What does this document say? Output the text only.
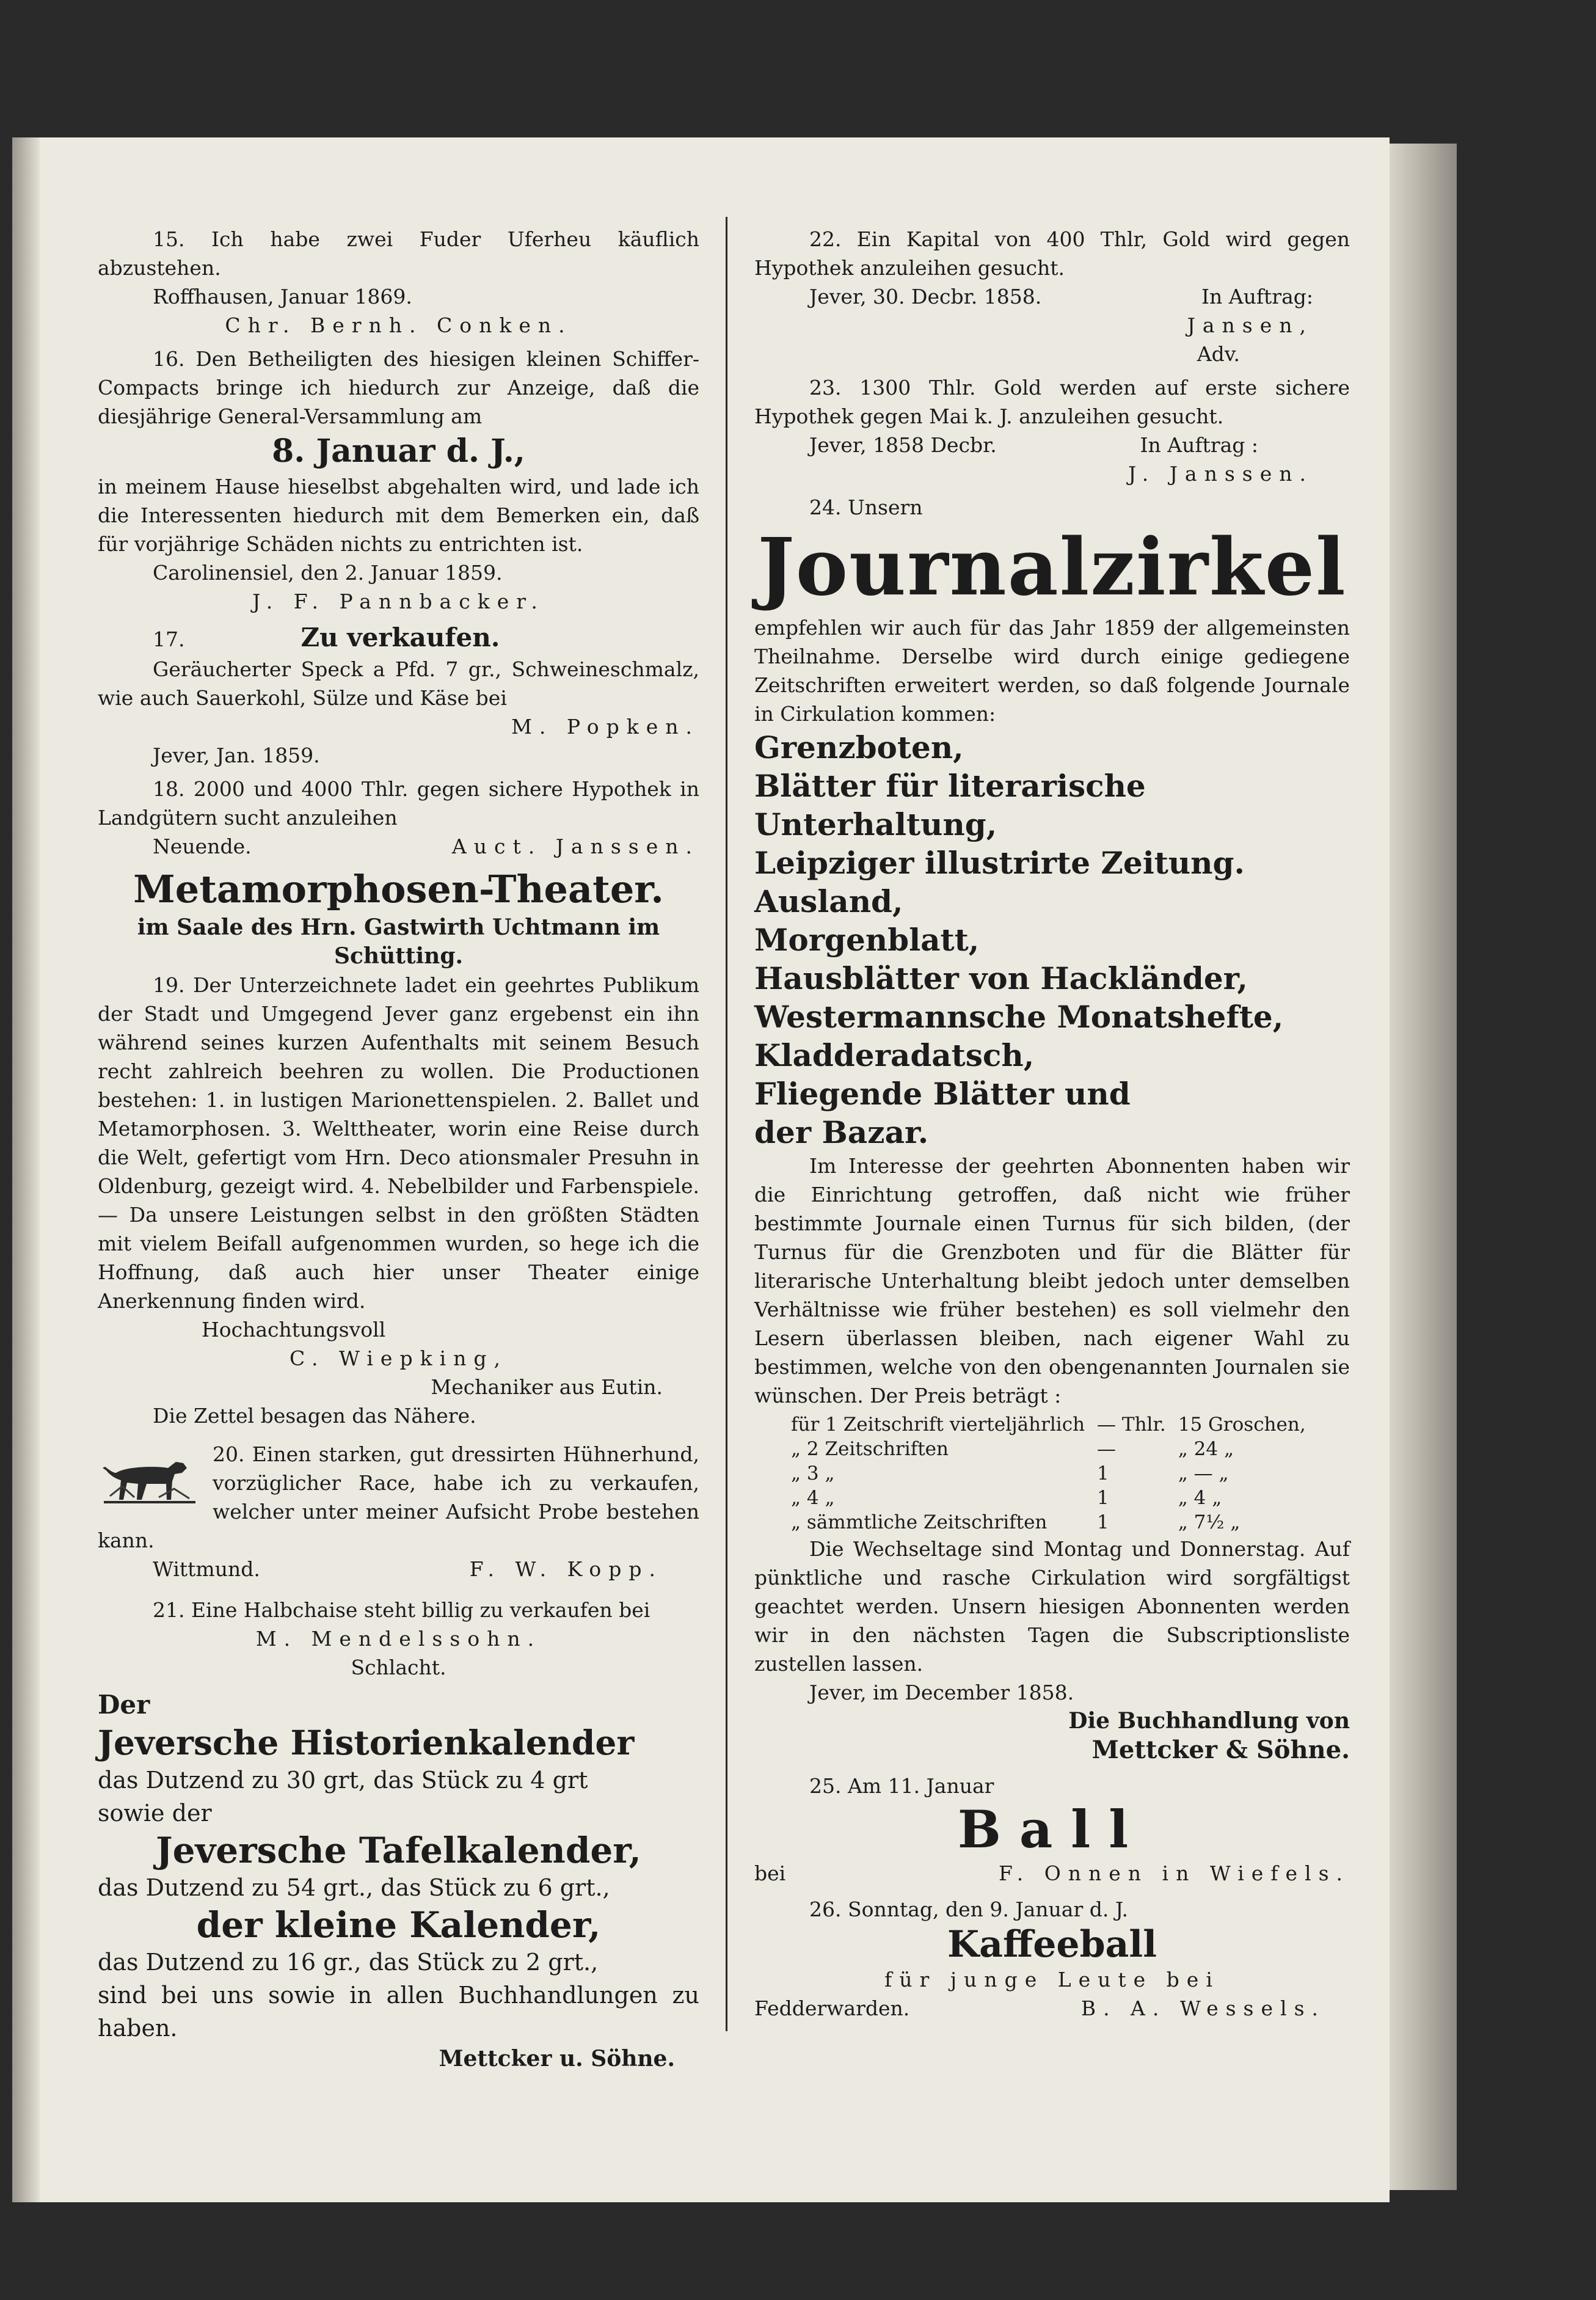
15. Ich habe zwei Fuder Uferheu käuflich abzustehen.

Roffhausen, Januar 1869.

Chr. Bernh. Conken.

16. Den Betheiligten des hiesigen kleinen Schiffer-Compacts bringe ich hiedurch zur Anzeige, daß die diesjährige General-Versammlung am

8. Januar d. J.,

in meinem Hause hieselbst abgehalten wird, und lade ich die Interessenten hiedurch mit dem Bemerken ein, daß für vorjährige Schäden nichts zu entrichten ist.

Carolinensiel, den 2. Januar 1859.

J. F. Pannbacker.

17.	Zu verkaufen.

Geräucherter Speck a Pfd. 7 gr., Schweineschmalz, wie auch Sauerkohl, Sülze und Käse bei

M. Popken.

Jever, Jan. 1859.

18. 2000 und 4000 Thlr. gegen sichere Hypothek in Landgütern sucht anzuleihen

Neuende.	Auct. Janssen.

Metamorphosen-Theater.

im Saale des Hrn. Gastwirth Uchtmann im Schütting.

19. Der Unterzeichnete ladet ein geehrtes Publikum der Stadt und Umgegend Jever ganz ergebenst ein ihn während seines kurzen Aufenthalts mit seinem Besuch recht zahlreich beehren zu wollen. Die Productionen bestehen: 1. in lustigen Marionettenspielen. 2. Ballet und Metamorphosen. 3. Welttheater, worin eine Reise durch die Welt, gefertigt vom Hrn. Deco ationsmaler Presuhn in Oldenburg, gezeigt wird. 4. Nebelbilder und Farbenspiele. — Da unsere Leistungen selbst in den größten Städten mit vielem Beifall aufgenommen wurden, so hege ich die Hoffnung, daß auch hier unser Theater einige Anerkennung finden wird.

Hochachtungsvoll

C. Wiepking,

Mechaniker aus Eutin.

Die Zettel besagen das Nähere.

20. Einen starken, gut dressirten Hühnerhund, vorzüglicher Race, habe ich zu verkaufen, welcher unter meiner Aufsicht Probe bestehen kann.

Wittmund.	F. W. Kopp.

21. Eine Halbchaise steht billig zu verkaufen bei

M. Mendelssohn.

Schlacht.

Der

Jeversche Historienkalender

das Dutzend zu 30 grt, das Stück zu 4 grt

sowie der

Jeversche Tafelkalender,

das Dutzend zu 54 grt., das Stück zu 6 grt.,

der kleine Kalender,

das Dutzend zu 16 gr., das Stück zu 2 grt.,

sind bei uns sowie in allen Buchhandlungen zu haben.

Mettcker u. Söhne.

22. Ein Kapital von 400 Thlr, Gold wird gegen Hypothek anzuleihen gesucht.

Jever, 30. Decbr. 1858.	In Auftrag:

Jansen,

Adv.

23. 1300 Thlr. Gold werden auf erste sichere Hypothek gegen Mai k. J. anzuleihen gesucht.

Jever, 1858 Decbr.	In Auftrag :

J. Janssen.

24. Unsern

Journalzirkel

empfehlen wir auch für das Jahr 1859 der allgemeinsten Theilnahme. Derselbe wird durch einige gediegene Zeitschriften erweitert werden, so daß folgende Journale in Cirkulation kommen:

Grenzboten,
Blätter für literarische Unterhaltung,
Leipziger illustrirte Zeitung.
Ausland,
Morgenblatt,
Hausblätter von Hackländer,
Westermannsche Monatshefte,
Kladderadatsch,
Fliegende Blätter und
der Bazar.

Im Interesse der geehrten Abonnenten haben wir die Einrichtung getroffen, daß nicht wie früher bestimmte Journale einen Turnus für sich bilden, (der Turnus für die Grenzboten und für die Blätter für literarische Unterhaltung bleibt jedoch unter demselben Verhältnisse wie früher bestehen) es soll vielmehr den Lesern überlassen bleiben, nach eigener Wahl zu bestimmen, welche von den obengenannten Journalen sie wünschen. Der Preis beträgt :

für 1 Zeitschrift vierteljährlich	— Thlr.	15 Groschen,
„ 2 Zeitschriften	—	„ 24 „
„ 3 „	1	„ — „
„ 4 „	1	„ 4 „
„ sämmtliche Zeitschriften	1	„ 7½ „

Die Wechseltage sind Montag und Donnerstag. Auf pünktliche und rasche Cirkulation wird sorgfältigst geachtet werden. Unsern hiesigen Abonnenten werden wir in den nächsten Tagen die Subscriptionsliste zustellen lassen.

Jever, im December 1858.

Die Buchhandlung von

Mettcker & Söhne.

25. Am 11. Januar

Ball

bei	F. Onnen in Wiefels.

26. Sonntag, den 9. Januar d. J.

Kaffeeball

für junge Leute bei

Fedderwarden.	B. A. Wessels.
